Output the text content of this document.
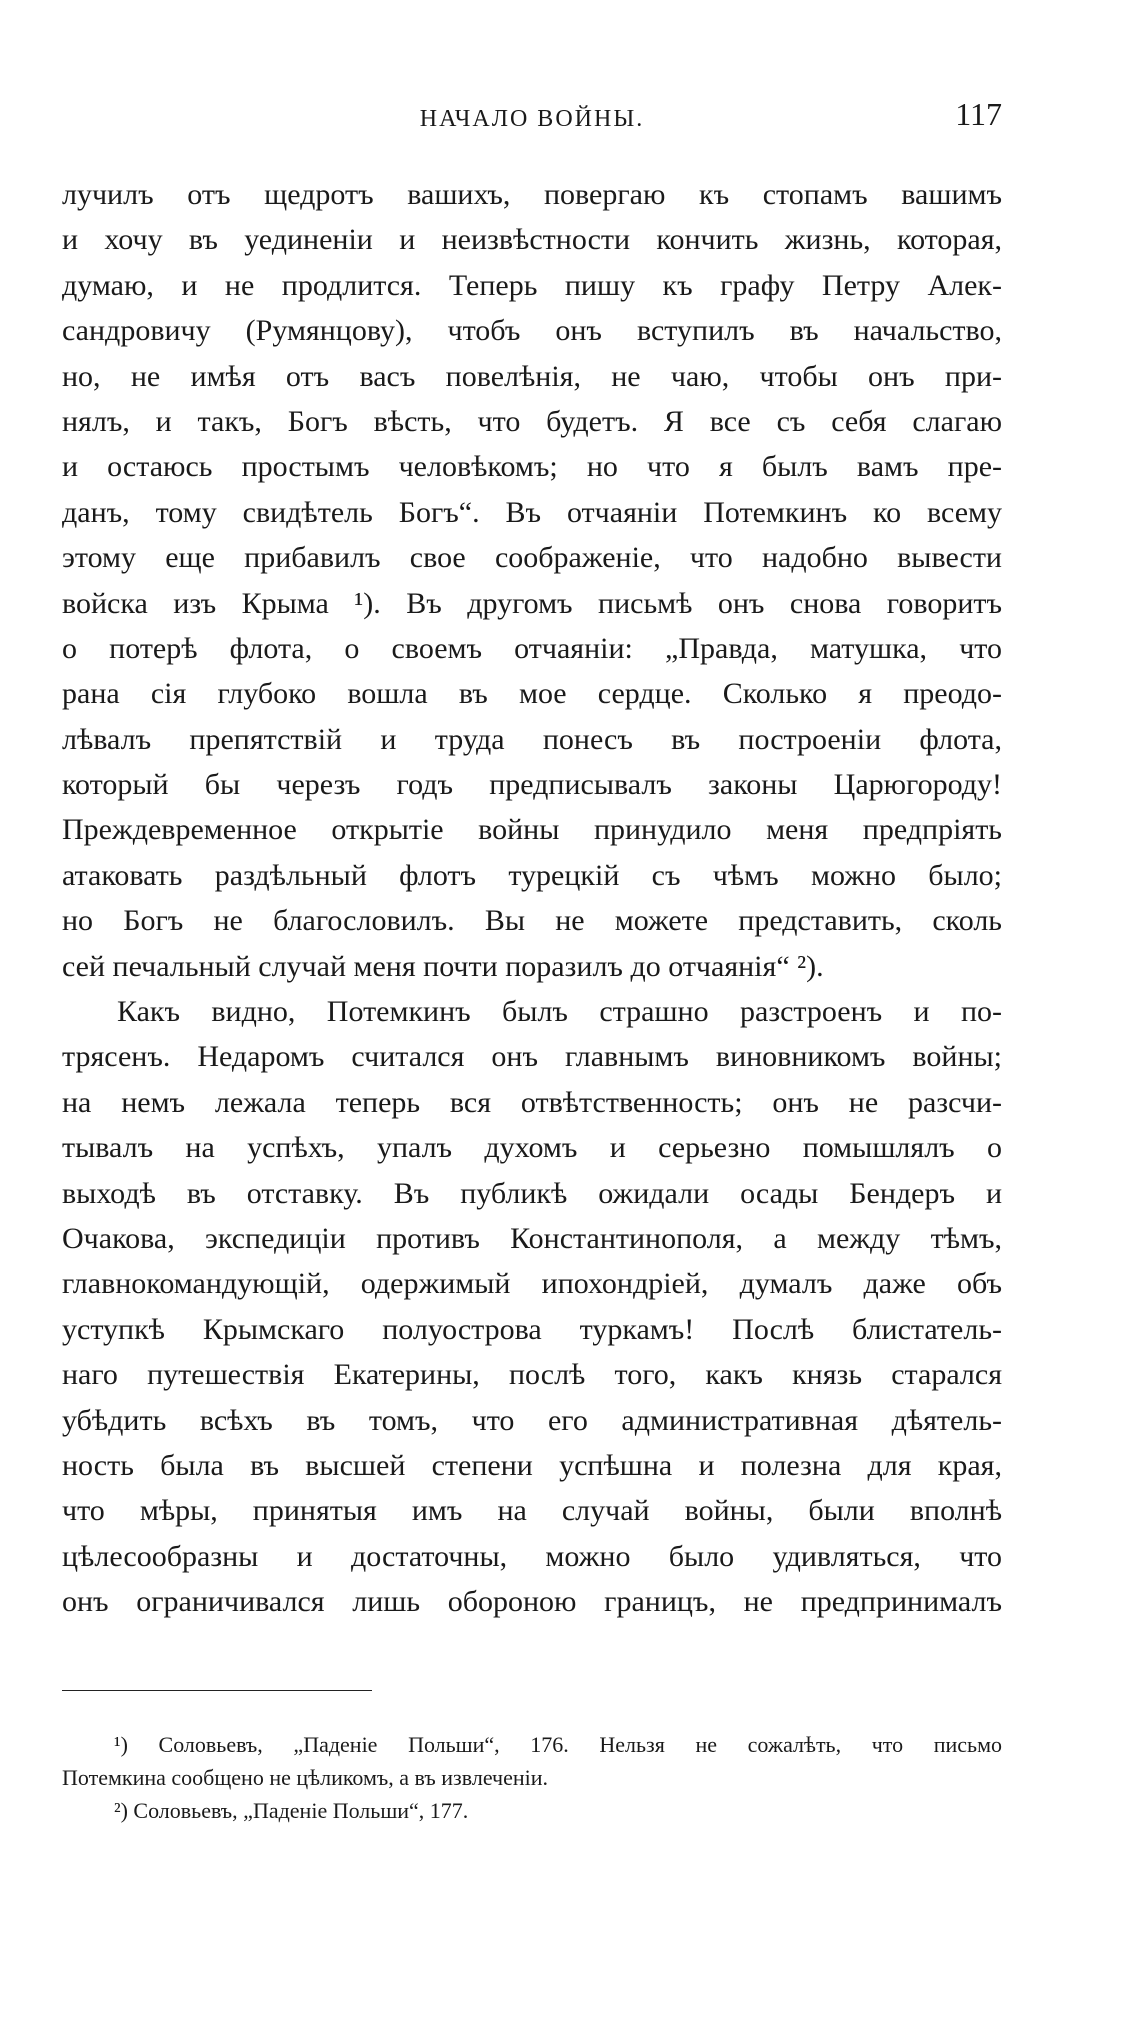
НАЧАЛО ВОЙНЫ.	117
лучилъ отъ щедротъ вашихъ, повергаю къ стопамъ вашимъ
и хочу въ уединеніи и неизвѣстности кончить жизнь, которая,
думаю, и не продлится. Теперь пишу къ графу Петру Алек-
сандровичу (Румянцову), чтобъ онъ вступилъ въ начальство,
но, не имѣя отъ васъ повелѣнія, не чаю, чтобы онъ при-
нялъ, и такъ, Богъ вѣсть, что будетъ. Я все съ себя слагаю
и остаюсь простымъ человѣкомъ; но что я былъ вамъ пре-
данъ, тому свидѣтель Богъ“. Въ отчаяніи Потемкинъ ко всему
этому еще прибавилъ свое соображеніе, что надобно вывести
войска изъ Крыма ¹). Въ другомъ письмѣ онъ снова говоритъ
о потерѣ флота, о своемъ отчаяніи: „Правда, матушка, что
рана сія глубоко вошла въ мое сердце. Сколько я преодо-
лѣвалъ препятствій и труда понесъ въ построеніи флота,
который бы черезъ годъ предписывалъ законы Царюгороду!
Преждевременное открытіе войны принудило меня предпріять
атаковать раздѣльный флотъ турецкій съ чѣмъ можно было;
но Богъ не благословилъ. Вы не можете представить, сколь
сей печальный случай меня почти поразилъ до отчаянія“ ²).
Какъ видно, Потемкинъ былъ страшно разстроенъ и по-
трясенъ. Недаромъ считался онъ главнымъ виновникомъ войны;
на немъ лежала теперь вся отвѣтственность; онъ не разсчи-
тывалъ на успѣхъ, упалъ духомъ и серьезно помышлялъ о
выходѣ въ отставку. Въ публикѣ ожидали осады Бендеръ и
Очакова, экспедиціи противъ Константинополя, а между тѣмъ,
главнокомандующій, одержимый ипохондріей, думалъ даже объ
уступкѣ Крымскаго полуострова туркамъ! Послѣ блистатель-
наго путешествія Екатерины, послѣ того, какъ князь старался
убѣдить всѣхъ въ томъ, что его административная дѣятель-
ность была въ высшей степени успѣшна и полезна для края,
что мѣры, принятыя имъ на случай войны, были вполнѣ
цѣлесообразны и достаточны, можно было удивляться, что
онъ ограничивался лишь обороною границъ, не предпринималъ
¹) Соловьевъ, „Паденіе Польши“, 176. Нельзя не сожалѣть, что письмо
Потемкина сообщено не цѣликомъ, а въ извлеченіи.
²) Соловьевъ, „Паденіе Польши“, 177.
